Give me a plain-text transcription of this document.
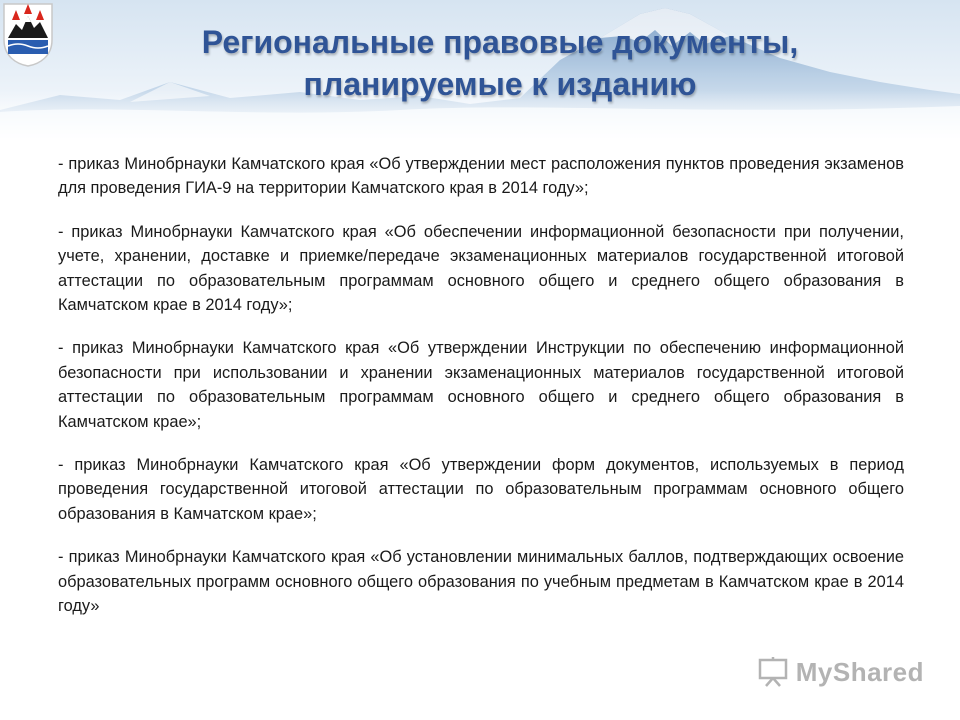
Региональные правовые документы,
планируемые к изданию

- приказ Минобрнауки Камчатского края «Об утверждении мест расположения пунктов проведения экзаменов для проведения ГИА-9 на территории Камчатского края в 2014 году»;

- приказ Минобрнауки Камчатского края «Об обеспечении информационной безопасности при получении, учете, хранении, доставке и приемке/передаче экзаменационных материалов государственной итоговой аттестации по образовательным программам основного общего и среднего общего образования в Камчатском крае в 2014 году»;

- приказ Минобрнауки Камчатского края «Об утверждении Инструкции по обеспечению информационной безопасности при использовании и хранении экзаменационных материалов государственной итоговой аттестации по образовательным программам основного общего и среднего общего образования в Камчатском крае»;

- приказ Минобрнауки Камчатского края «Об утверждении форм документов, используемых в период проведения государственной итоговой аттестации по образовательным программам основного общего образования в Камчатском крае»;

- приказ Минобрнауки Камчатского края «Об установлении минимальных баллов, подтверждающих освоение образовательных программ основного общего образования по учебным предметам в Камчатском крае в 2014 году»

MyShared
